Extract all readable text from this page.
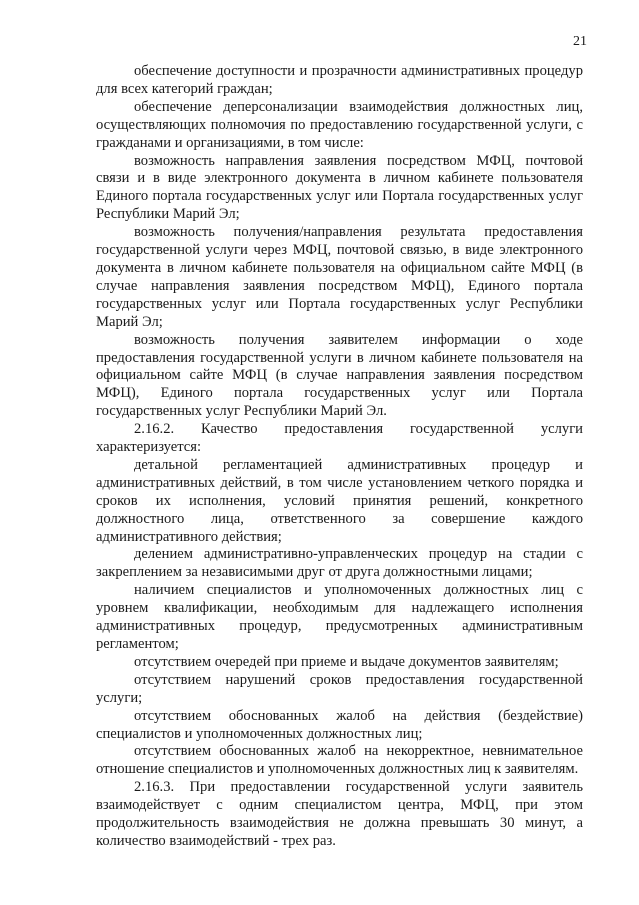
21

обеспечение доступности и прозрачности административных процедур для всех категорий граждан;

обеспечение деперсонализации взаимодействия должностных лиц, осуществляющих полномочия по предоставлению государственной услуги, с гражданами и организациями, в том числе:

возможность направления заявления посредством МФЦ, почтовой связи и в виде электронного документа в личном кабинете пользователя Единого портала государственных услуг или Портала государственных услуг Республики Марий Эл;

возможность получения/направления результата предоставления государственной услуги через МФЦ, почтовой связью, в виде электронного документа в личном кабинете пользователя на официальном сайте МФЦ (в случае направления заявления посредством МФЦ), Единого портала государственных услуг или Портала государственных услуг Республики Марий Эл;

возможность получения заявителем информации о ходе предоставления государственной услуги в личном кабинете пользователя на официальном сайте МФЦ (в случае направления заявления посредством МФЦ), Единого портала государственных услуг или Портала государственных услуг Республики Марий Эл.

2.16.2. Качество предоставления государственной услуги характеризуется:

детальной регламентацией административных процедур и административных действий, в том числе установлением четкого порядка и сроков их исполнения, условий принятия решений, конкретного должностного лица, ответственного за совершение каждого административного действия;

делением административно-управленческих процедур на стадии с закреплением за независимыми друг от друга должностными лицами;

наличием специалистов и уполномоченных должностных лиц с уровнем квалификации, необходимым для надлежащего исполнения административных процедур, предусмотренных административным регламентом;

отсутствием очередей при приеме и выдаче документов заявителям;

отсутствием нарушений сроков предоставления государственной услуги;

отсутствием обоснованных жалоб на действия (бездействие) специалистов и уполномоченных должностных лиц;

отсутствием обоснованных жалоб на некорректное, невнимательное отношение специалистов и уполномоченных должностных лиц к заявителям.

2.16.3. При предоставлении государственной услуги заявитель взаимодействует с одним специалистом центра, МФЦ, при этом продолжительность взаимодействия не должна превышать 30 минут, а количество взаимодействий - трех раз.
